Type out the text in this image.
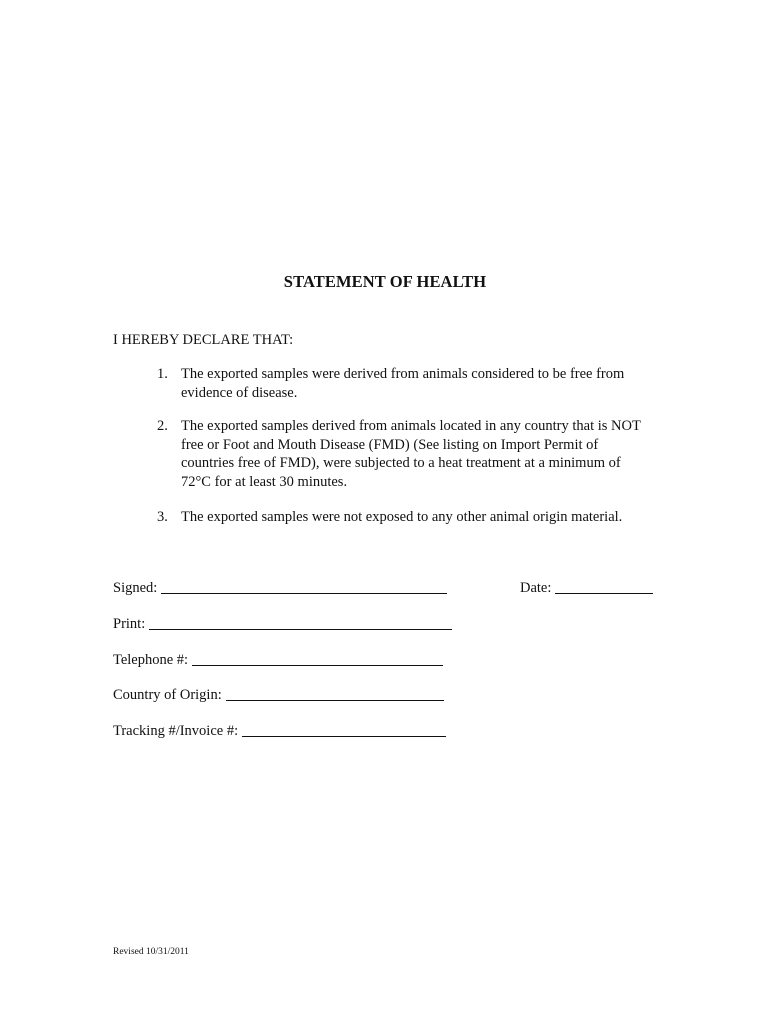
STATEMENT OF HEALTH
I HEREBY DECLARE THAT:
1. The exported samples were derived from animals considered to be free from evidence of disease.
2. The exported samples derived from animals located in any country that is NOT free or Foot and Mouth Disease (FMD) (See listing on Import Permit of countries free of FMD), were subjected to a heat treatment at a minimum of 72°C for at least 30 minutes.
3. The exported samples were not exposed to any other animal origin material.
Signed:	Date:
Print:
Telephone #:
Country of Origin:
Tracking #/Invoice #:
Revised 10/31/2011
